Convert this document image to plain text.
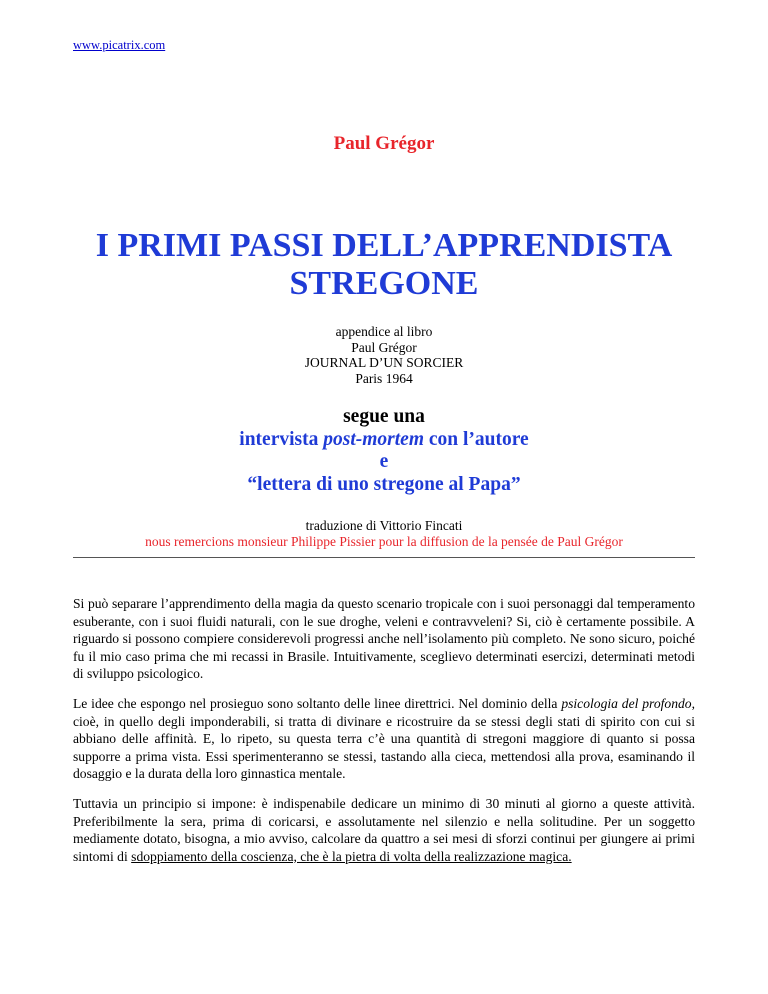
www.picatrix.com
Paul Grégor
I PRIMI PASSI DELL’APPRENDISTA
STREGONE
appendice al libro
Paul Grégor
JOURNAL D’UN SORCIER
Paris 1964
segue una
intervista post-mortem con l’autore
e
“lettera di uno stregone al Papa”
traduzione di Vittorio Fincati
nous remercions monsieur Philippe Pissier pour la diffusion de la pensée de Paul Grégor

Si può separare l’apprendimento della magia da questo scenario tropicale con i suoi personaggi dal temperamento esuberante, con i suoi fluidi naturali, con le sue droghe, veleni e contravveleni? Si, ciò è certamente possibile. A riguardo si possono compiere considerevoli progressi anche nell’isolamento più completo. Ne sono sicuro, poiché fu il mio caso prima che mi recassi in Brasile. Intuitivamente, sceglievo determinati esercizi, determinati metodi di sviluppo psicologico.

Le idee che espongo nel prosieguo sono soltanto delle linee direttrici. Nel dominio della psicologia del profondo, cioè, in quello degli imponderabili, si tratta di divinare e ricostruire da se stessi degli stati di spirito con cui si abbiano delle affinità. E, lo ripeto, su questa terra c’è una quantità di stregoni maggiore di quanto si possa supporre a prima vista. Essi sperimenteranno se stessi, tastando alla cieca, mettendosi alla prova, esaminando il dosaggio e la durata della loro ginnastica mentale.

Tuttavia un principio si impone: è indispenabile dedicare un minimo di 30 minuti al giorno a queste attività. Preferibilmente la sera, prima di coricarsi, e assolutamente nel silenzio e nella solitudine. Per un soggetto mediamente dotato, bisogna, a mio avviso, calcolare da quattro a sei mesi di sforzi continui per giungere ai primi sintomi di sdoppiamento della coscienza, che è la pietra di volta della realizzazione magica.
